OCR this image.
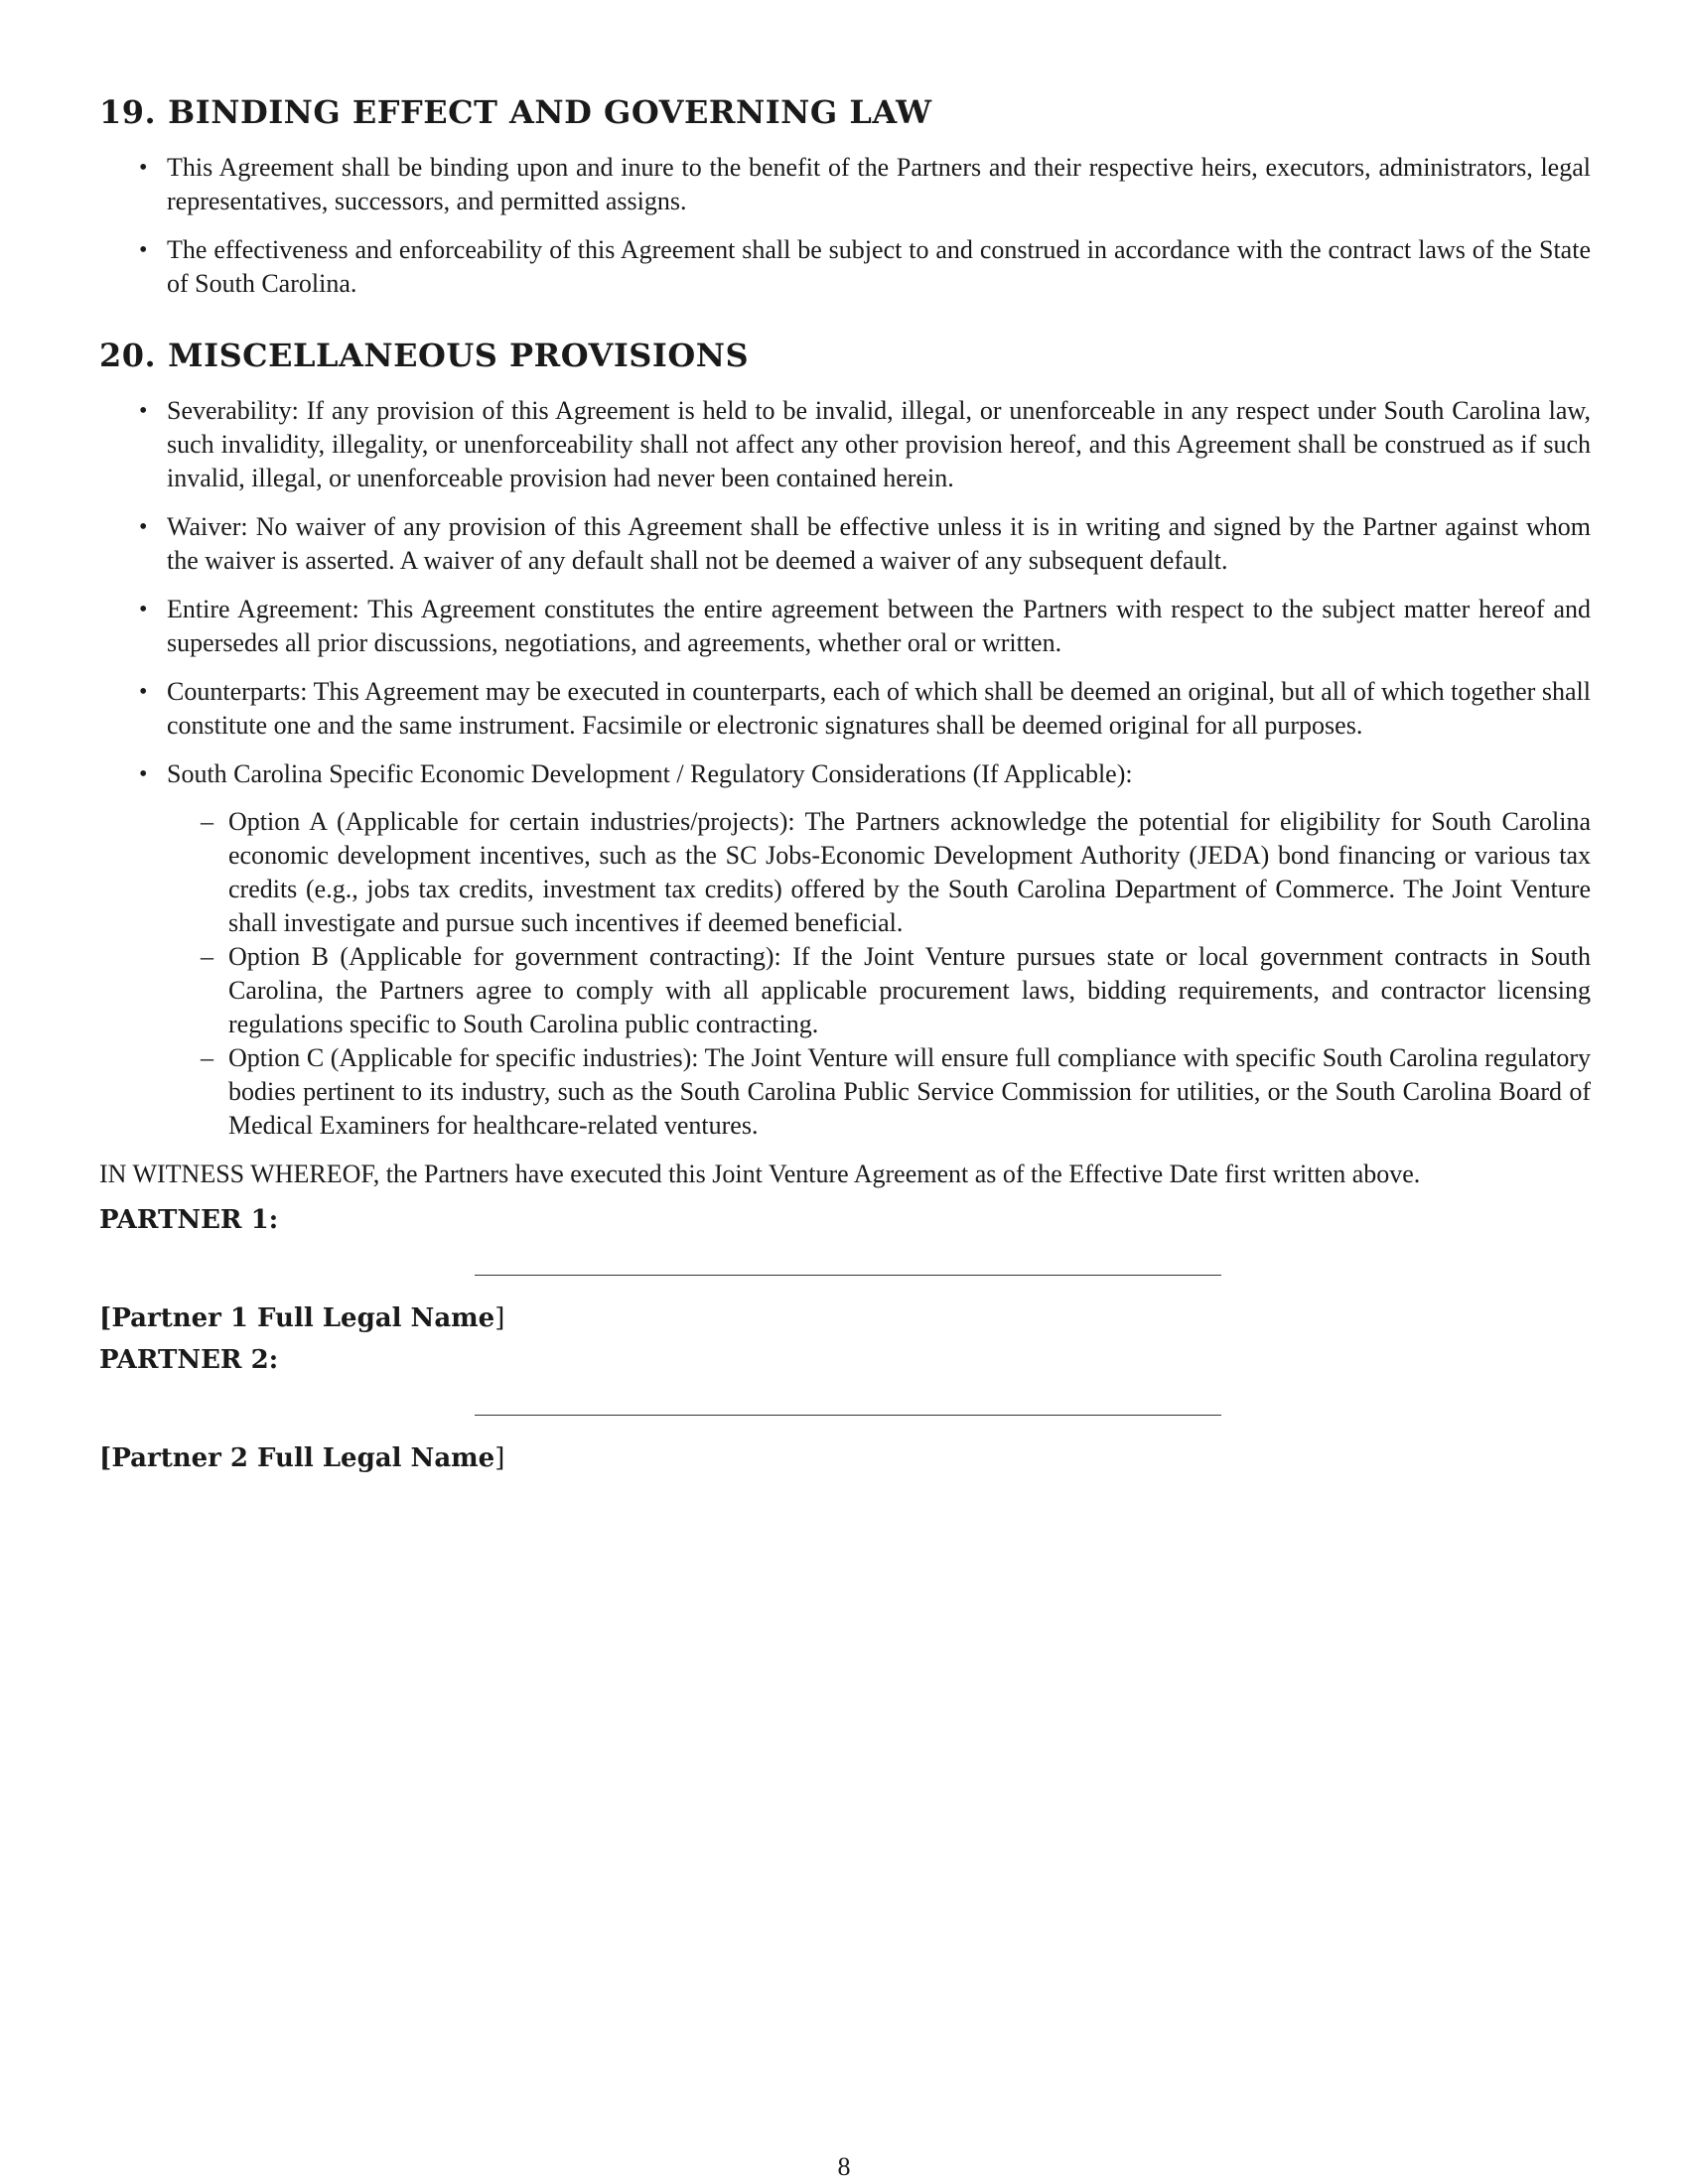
19. BINDING EFFECT AND GOVERNING LAW
• This Agreement shall be binding upon and inure to the benefit of the Partners and their respective heirs, executors, administrators, legal representatives, successors, and permitted assigns.
• The effectiveness and enforceability of this Agreement shall be subject to and construed in accordance with the contract laws of the State of South Carolina.
20. MISCELLANEOUS PROVISIONS
• Severability: If any provision of this Agreement is held to be invalid, illegal, or unenforceable in any respect under South Carolina law, such invalidity, illegality, or unenforceability shall not affect any other provision hereof, and this Agreement shall be construed as if such invalid, illegal, or unenforceable provision had never been contained herein.
• Waiver: No waiver of any provision of this Agreement shall be effective unless it is in writing and signed by the Partner against whom the waiver is asserted. A waiver of any default shall not be deemed a waiver of any subsequent default.
• Entire Agreement: This Agreement constitutes the entire agreement between the Partners with respect to the subject matter hereof and supersedes all prior discussions, negotiations, and agreements, whether oral or written.
• Counterparts: This Agreement may be executed in counterparts, each of which shall be deemed an original, but all of which together shall constitute one and the same instrument. Facsimile or electronic signatures shall be deemed original for all purposes.
• South Carolina Specific Economic Development / Regulatory Considerations (If Applicable):
– Option A (Applicable for certain industries/projects): The Partners acknowledge the potential for eligibility for South Carolina economic development incentives, such as the SC Jobs-Economic Development Authority (JEDA) bond financing or various tax credits (e.g., jobs tax credits, investment tax credits) offered by the South Carolina Department of Commerce. The Joint Venture shall investigate and pursue such incentives if deemed beneficial.
– Option B (Applicable for government contracting): If the Joint Venture pursues state or local government contracts in South Carolina, the Partners agree to comply with all applicable procurement laws, bidding requirements, and contractor licensing regulations specific to South Carolina public contracting.
– Option C (Applicable for specific industries): The Joint Venture will ensure full compliance with specific South Carolina regulatory bodies pertinent to its industry, such as the South Carolina Public Service Commission for utilities, or the South Carolina Board of Medical Examiners for healthcare-related ventures.

IN WITNESS WHEREOF, the Partners have executed this Joint Venture Agreement as of the Effective Date first written above.

PARTNER 1:
[Partner 1 Full Legal Name]
PARTNER 2:
[Partner 2 Full Legal Name]
8
